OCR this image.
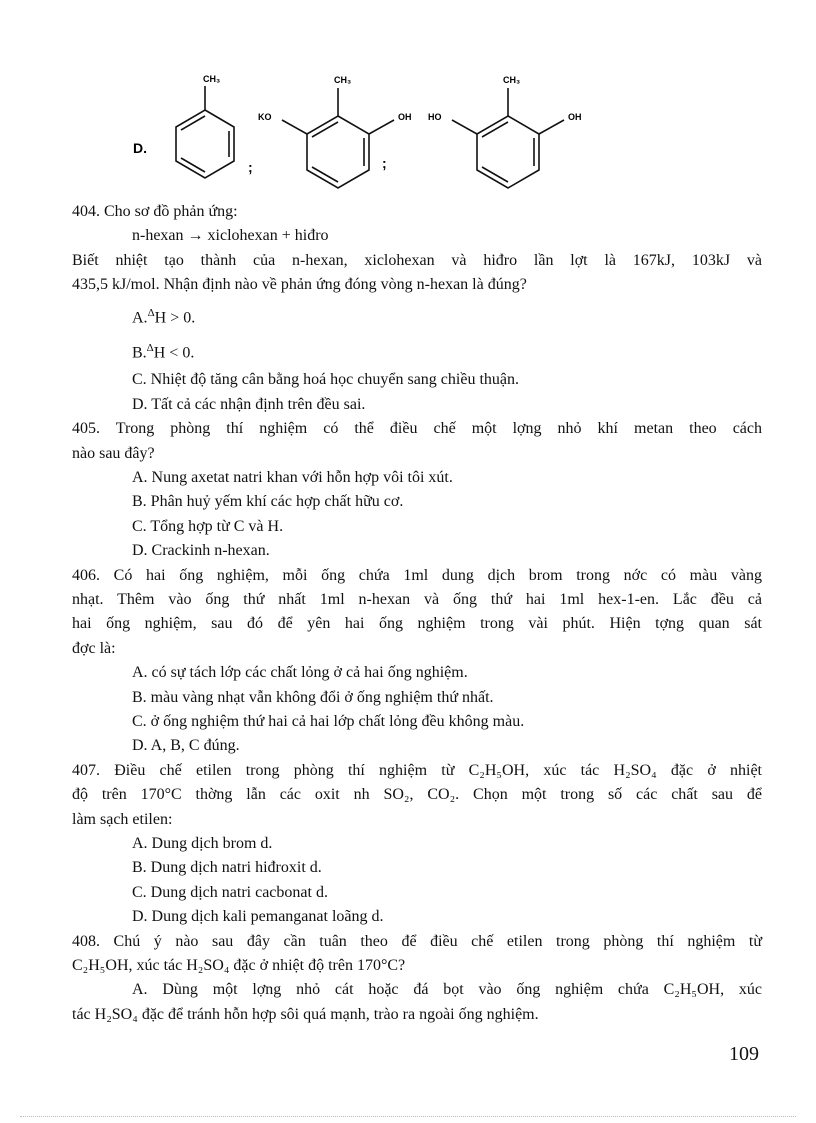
D.
CH₃
;
CH₃
KO	OH
;
CH₃
HO	OH

404. Cho sơ đồ phản ứng:

n-hexan → xiclohexan + hiđro

Biết nhiệt tạo thành của n-hexan, xiclohexan và hiđro lần lợt là 167kJ, 103kJ và

435,5 kJ/mol. Nhận định nào về phản ứng đóng vòng n-hexan là đúng?

A.$^\Delta$H > 0.

B.$^\Delta$H < 0.

C. Nhiệt độ tăng cân bằng hoá học chuyển sang chiều thuận.

D. Tất cả các nhận định trên đều sai.

405. Trong phòng thí nghiệm có thể điều chế một lợng nhỏ khí metan theo cách

nào sau đây?

A. Nung axetat natri khan với hỗn hợp vôi tôi xút.

B. Phân huỷ yếm khí các hợp chất hữu cơ.

C. Tổng hợp từ C và H.

D. Crackinh n-hexan.

406. Có hai ống nghiệm, mỗi ống chứa 1ml dung dịch brom trong nớc có màu vàng

nhạt. Thêm vào ống thứ nhất 1ml n-hexan và ống thứ hai 1ml hex-1-en. Lắc đều cả

hai ống nghiệm, sau đó để yên hai ống nghiệm trong vài phút. Hiện tợng quan sát

đợc là:

A. có sự tách lớp các chất lỏng ở cả hai ống nghiệm.

B. màu vàng nhạt vẫn không đổi ở ống nghiệm thứ nhất.

C. ở ống nghiệm thứ hai cả hai lớp chất lỏng đều không màu.

D. A, B, C đúng.

407. Điều chế etilen trong phòng thí nghiệm từ C₂H₅OH, xúc tác H₂SO₄ đặc ở nhiệt

độ trên 170°C thờng lẫn các oxit nh SO₂, CO₂. Chọn một trong số các chất sau để

làm sạch etilen:

A. Dung dịch brom d.

B. Dung dịch natri hiđroxit d.

C. Dung dịch natri cacbonat d.

D. Dung dịch kali pemanganat loãng d.

408. Chú ý nào sau đây cần tuân theo để điều chế etilen trong phòng thí nghiệm từ

C₂H₅OH, xúc tác H₂SO₄ đặc ở nhiệt độ trên 170°C?

A. Dùng một lợng nhỏ cát hoặc đá bọt vào ống nghiệm chứa C₂H₅OH, xúc

tác H₂SO₄ đặc để tránh hỗn hợp sôi quá mạnh, trào ra ngoài ống nghiệm.

109
